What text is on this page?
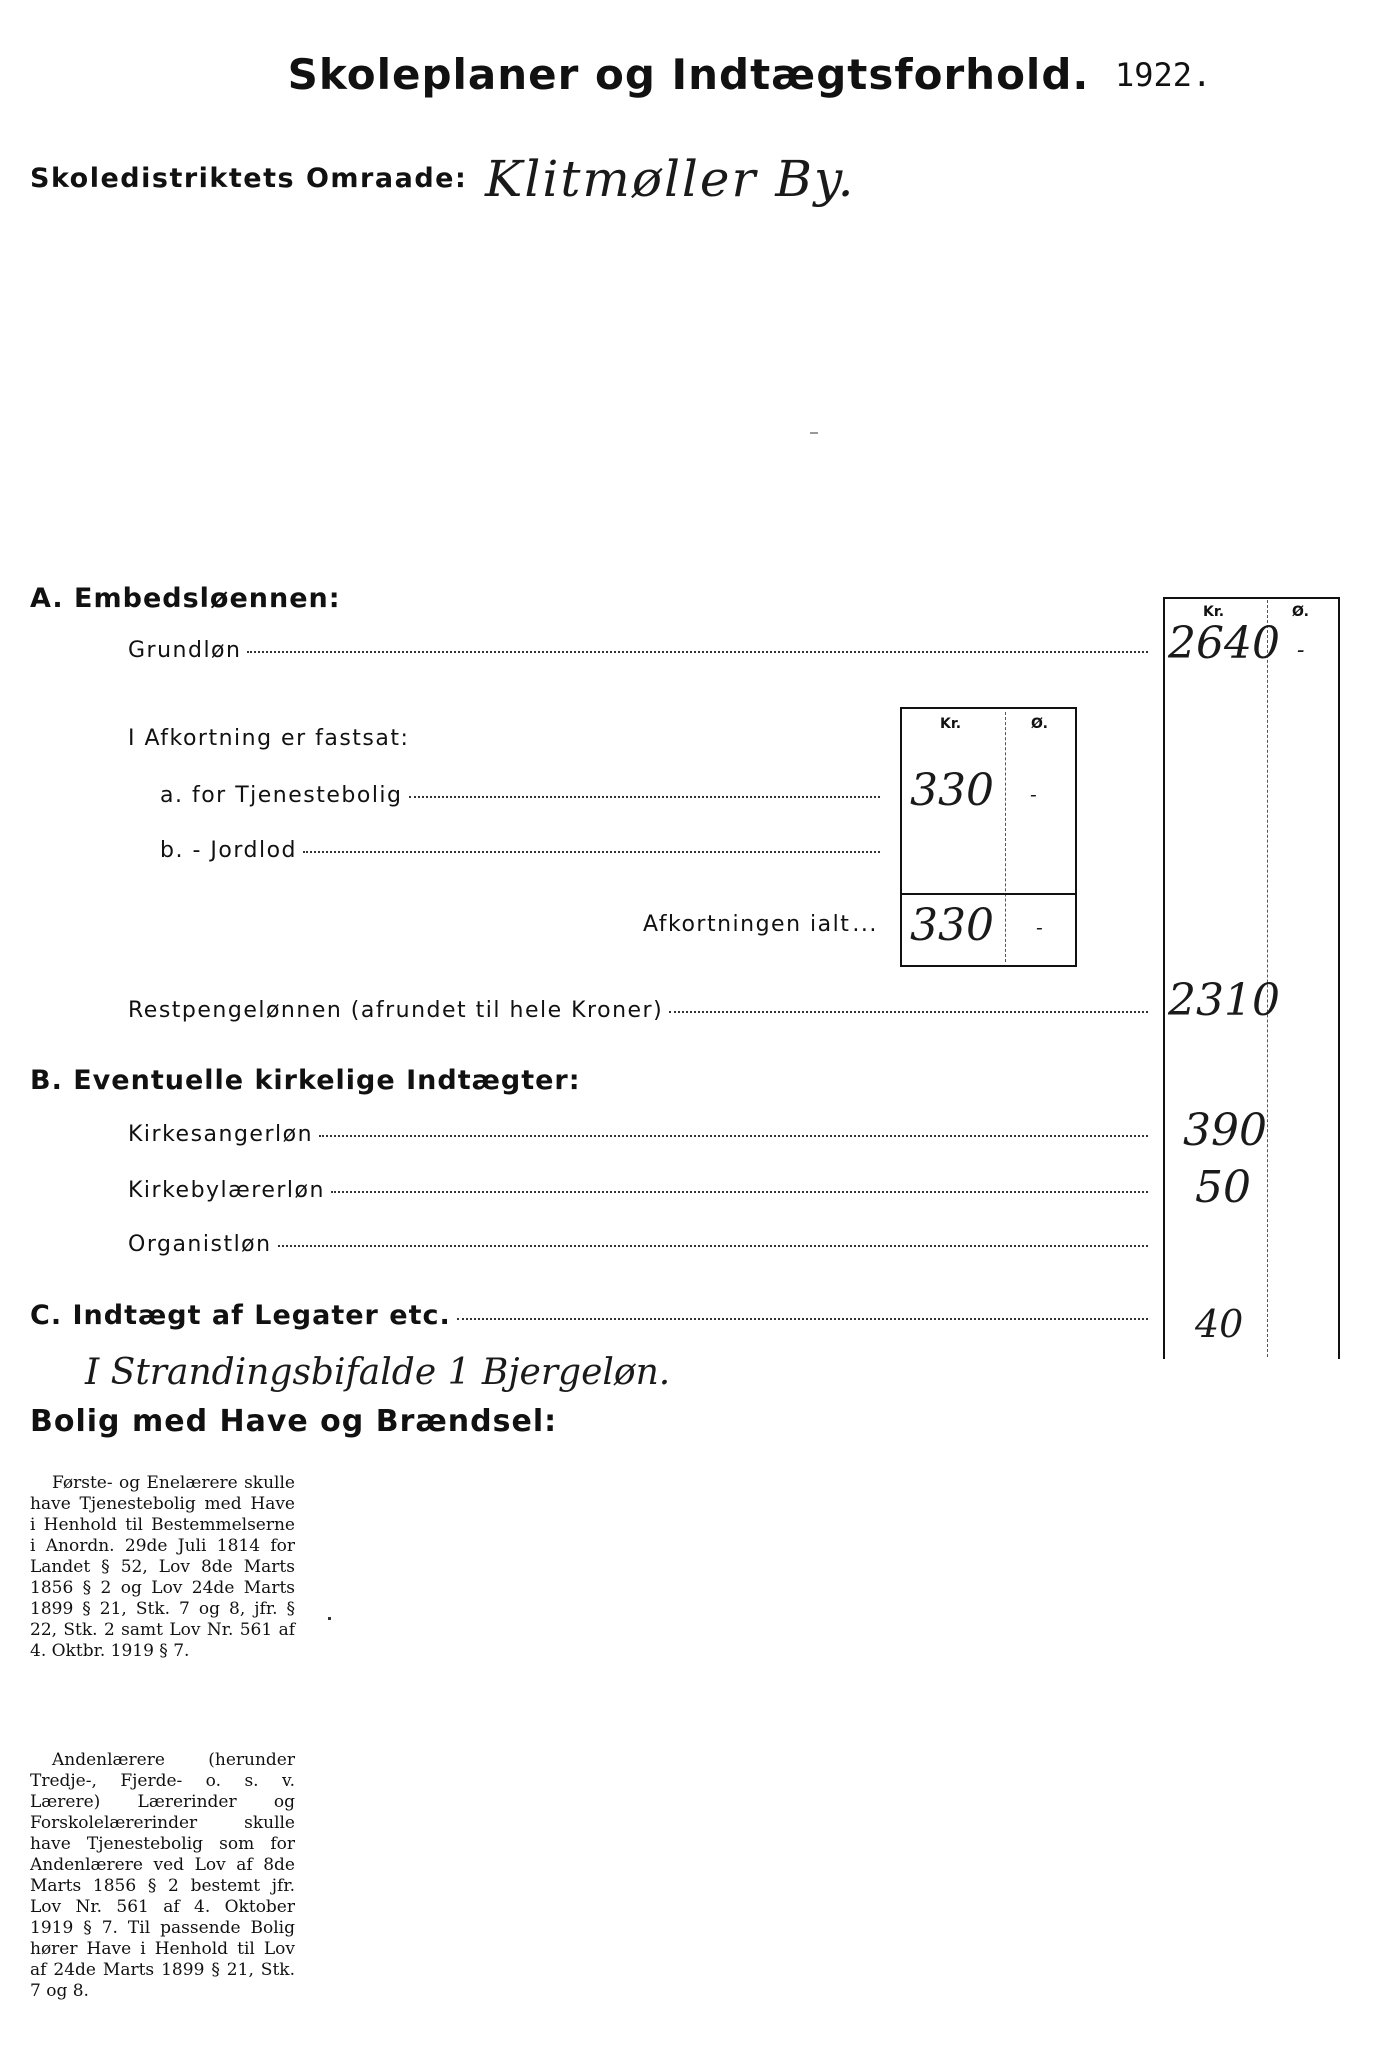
Skoleplaner og Indtægtsforhold. 1922.
Skoledistriktets Omraade: Klitmøller By.
Kr.	Ø.
A. Embedsløennen:
Grundløn	2640 -
I Afkortning er fastsat:
Kr.	Ø.
a. for Tjenestebolig	330 -
b. - Jordlod
Afkortningen ialt ... 330 -
Restpengelønnen (afrundet til hele Kroner)	2310
B. Eventuelle kirkelige Indtægter:
Kirkesangerløn	390
Kirkebylærerløn	50
Organistløn
C. Indtægt af Legater etc.	40
I Strandingsbifalde 1 Bjergeløn.
Bolig med Have og Brændsel:
Første- og Enelærere skulle have Tjenestebolig med Have i Henhold til Bestemmelserne i Anordn. 29de Juli 1814 for Landet § 52, Lov 8de Marts 1856 § 2 og Lov 24de Marts 1899 § 21, Stk. 7 og 8, jfr. § 22, Stk. 2 samt Lov Nr. 561 af 4. Oktbr. 1919 § 7.
Andenlærere (herunder Tredje-, Fjerde- o. s. v. Lærere) Lærerinder og Forskolelærerinder skulle have Tjenestebolig som for Andenlærere ved Lov af 8de Marts 1856 § 2 bestemt jfr. Lov Nr. 561 af 4. Oktober 1919 § 7. Til passende Bolig hører Have i Henhold til Lov af 24de Marts 1899 § 21, Stk. 7 og 8.
